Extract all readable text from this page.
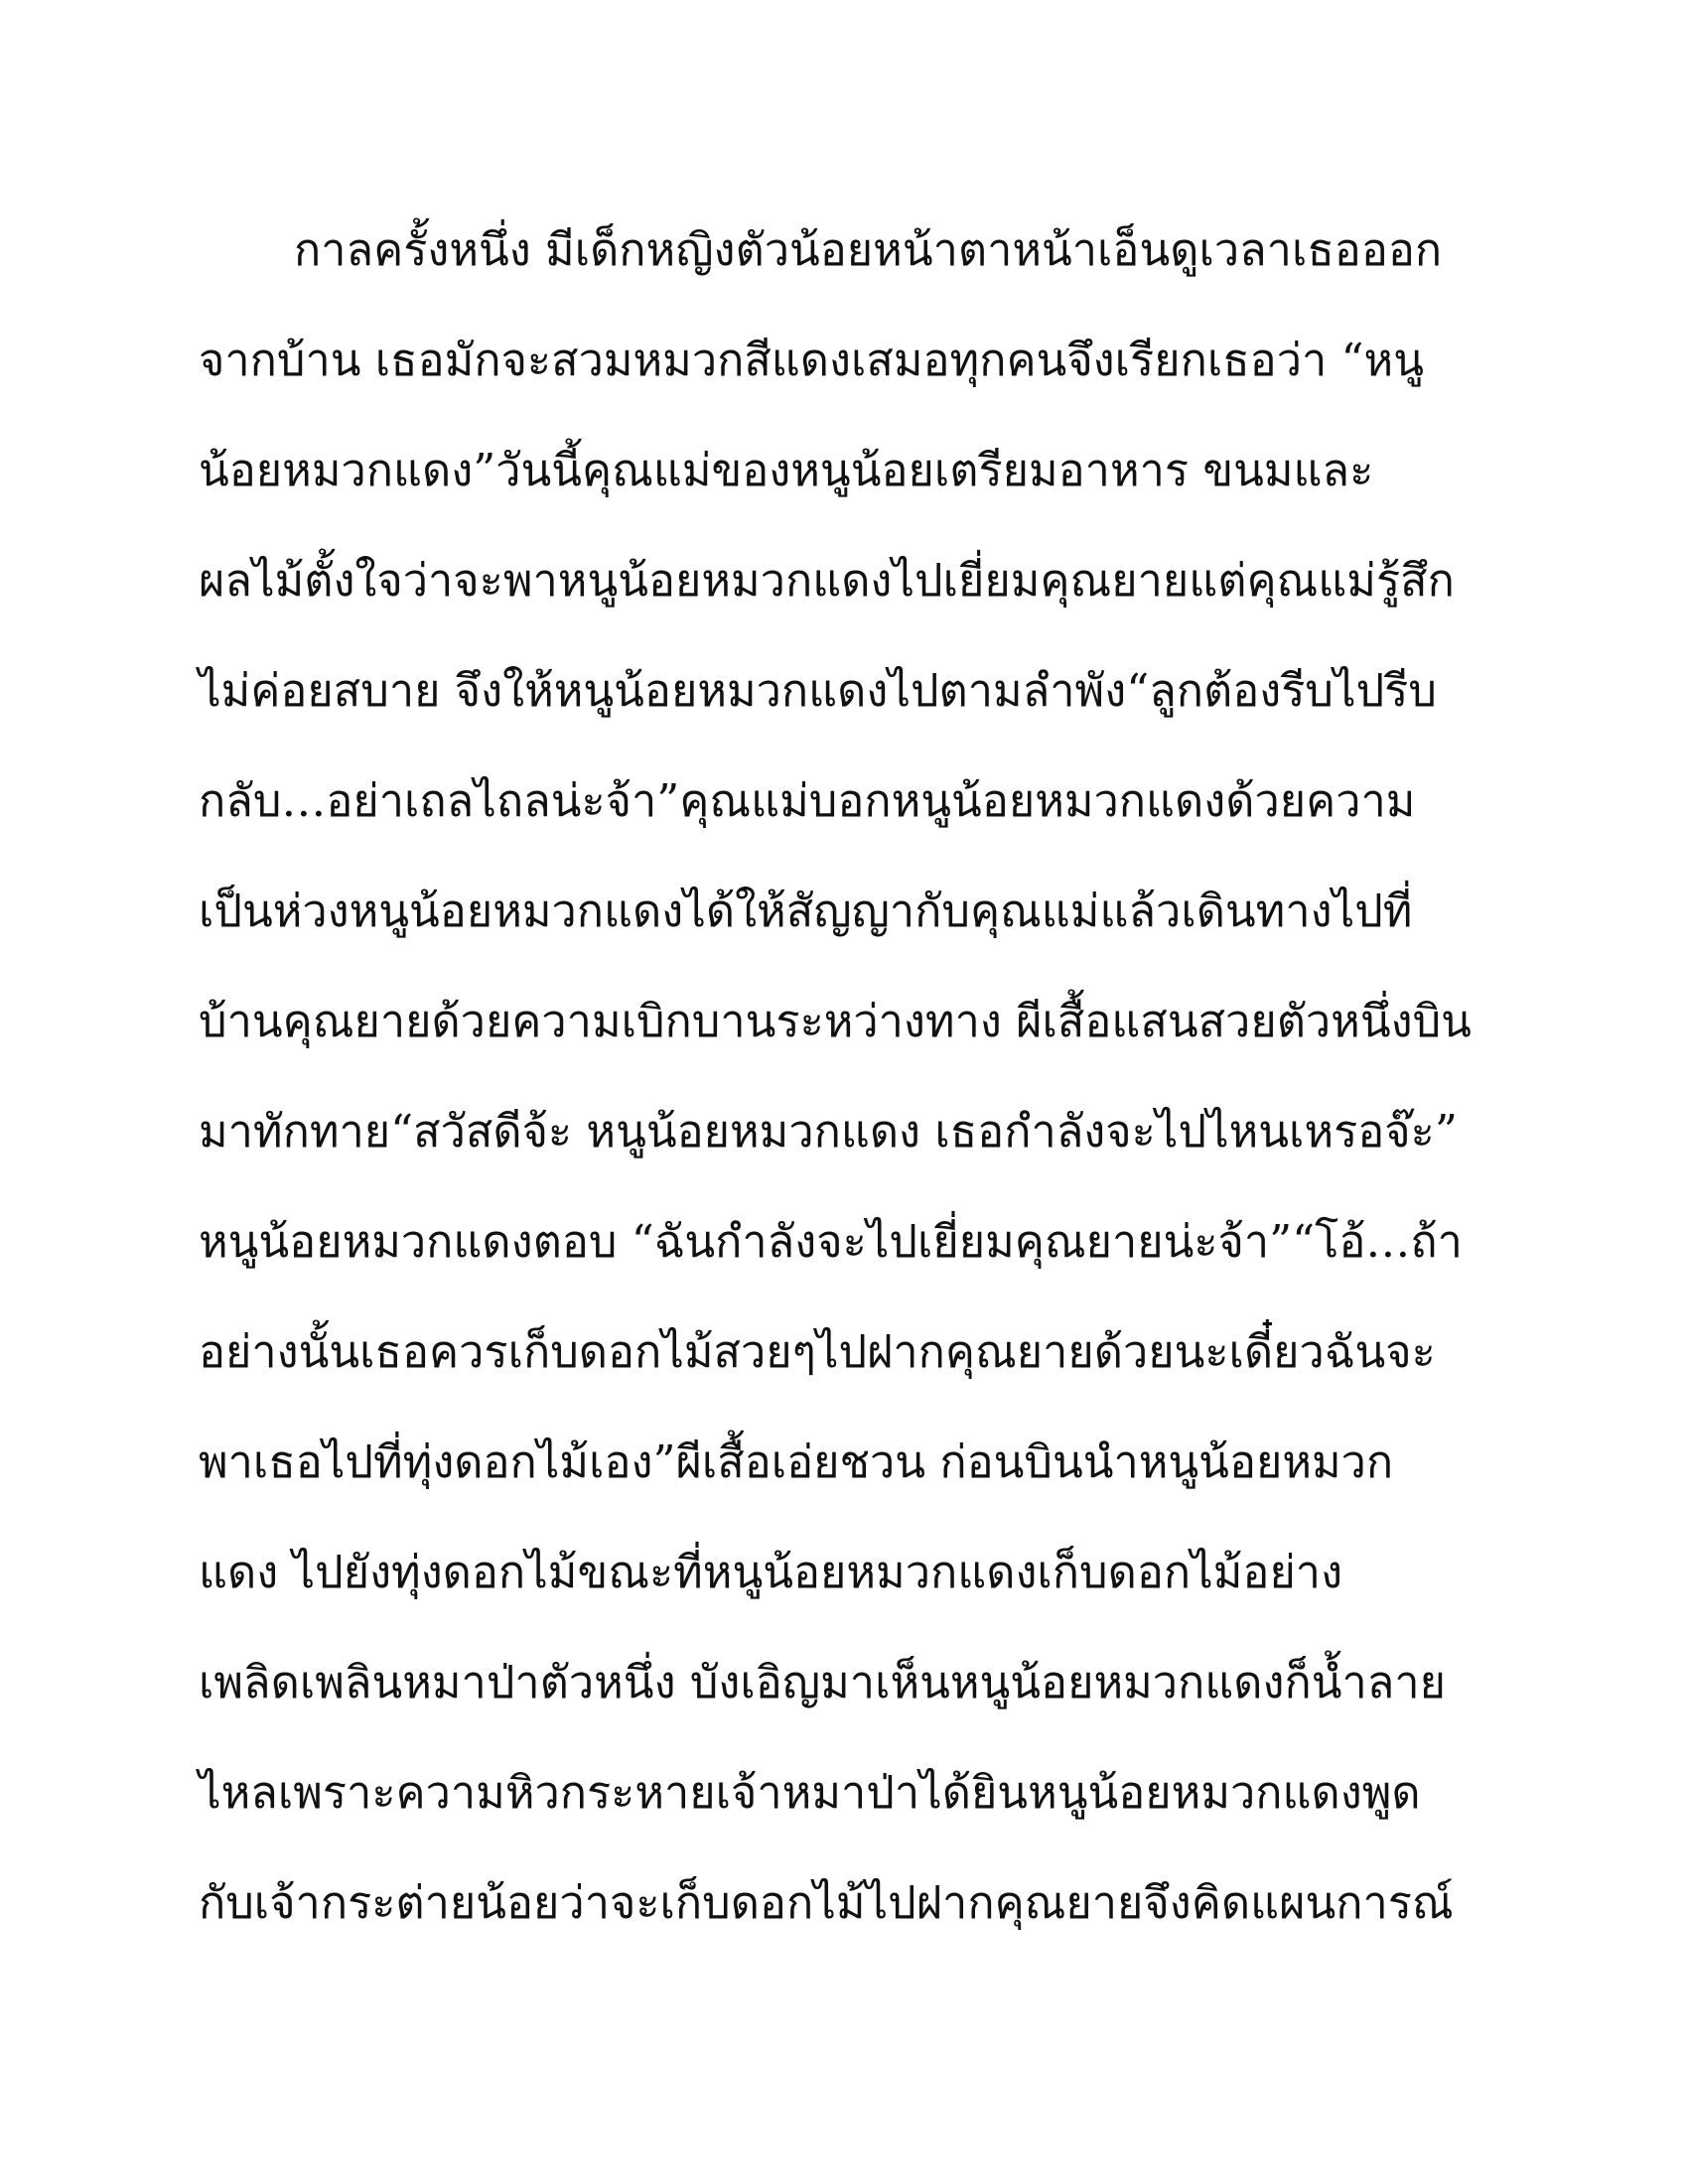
กาลครั้งหนึ่ง มีเด็กหญิงตัวน้อยหน้าตาหน้าเอ็นดูเวลาเธอออก
จากบ้าน เธอมักจะสวมหมวกสีแดงเสมอทุกคนจึงเรียกเธอว่า “หนู
น้อยหมวกแดง”วันนี้คุณแม่ของหนูน้อยเตรียมอาหาร ขนมและ
ผลไม้ตั้งใจว่าจะพาหนูน้อยหมวกแดงไปเยี่ยมคุณยายแต่คุณแม่รู้สึก
ไม่ค่อยสบาย จึงให้หนูน้อยหมวกแดงไปตามลำพัง“ลูกต้องรีบไปรีบ
กลับ…อย่าเถลไถลน่ะจ้า”คุณแม่บอกหนูน้อยหมวกแดงด้วยความ
เป็นห่วงหนูน้อยหมวกแดงได้ให้สัญญากับคุณแม่แล้วเดินทางไปที่
บ้านคุณยายด้วยความเบิกบานระหว่างทาง ผีเสื้อแสนสวยตัวหนึ่งบิน
มาทักทาย“สวัสดีจ้ะ หนูน้อยหมวกแดง เธอกำลังจะไปไหนเหรอจ๊ะ”
หนูน้อยหมวกแดงตอบ “ฉันกำลังจะไปเยี่ยมคุณยายน่ะจ้า”“โอ้…ถ้า
อย่างนั้นเธอควรเก็บดอกไม้สวยๆไปฝากคุณยายด้วยนะเดี๋ยวฉันจะ
พาเธอไปที่ทุ่งดอกไม้เอง”ผีเสื้อเอ่ยชวน ก่อนบินนำหนูน้อยหมวก
แดง ไปยังทุ่งดอกไม้ขณะที่หนูน้อยหมวกแดงเก็บดอกไม้อย่าง
เพลิดเพลินหมาป่าตัวหนึ่ง บังเอิญมาเห็นหนูน้อยหมวกแดงก็น้ำลาย
ไหลเพราะความหิวกระหายเจ้าหมาป่าได้ยินหนูน้อยหมวกแดงพูด
กับเจ้ากระต่ายน้อยว่าจะเก็บดอกไม้ไปฝากคุณยายจึงคิดแผนการณ์
